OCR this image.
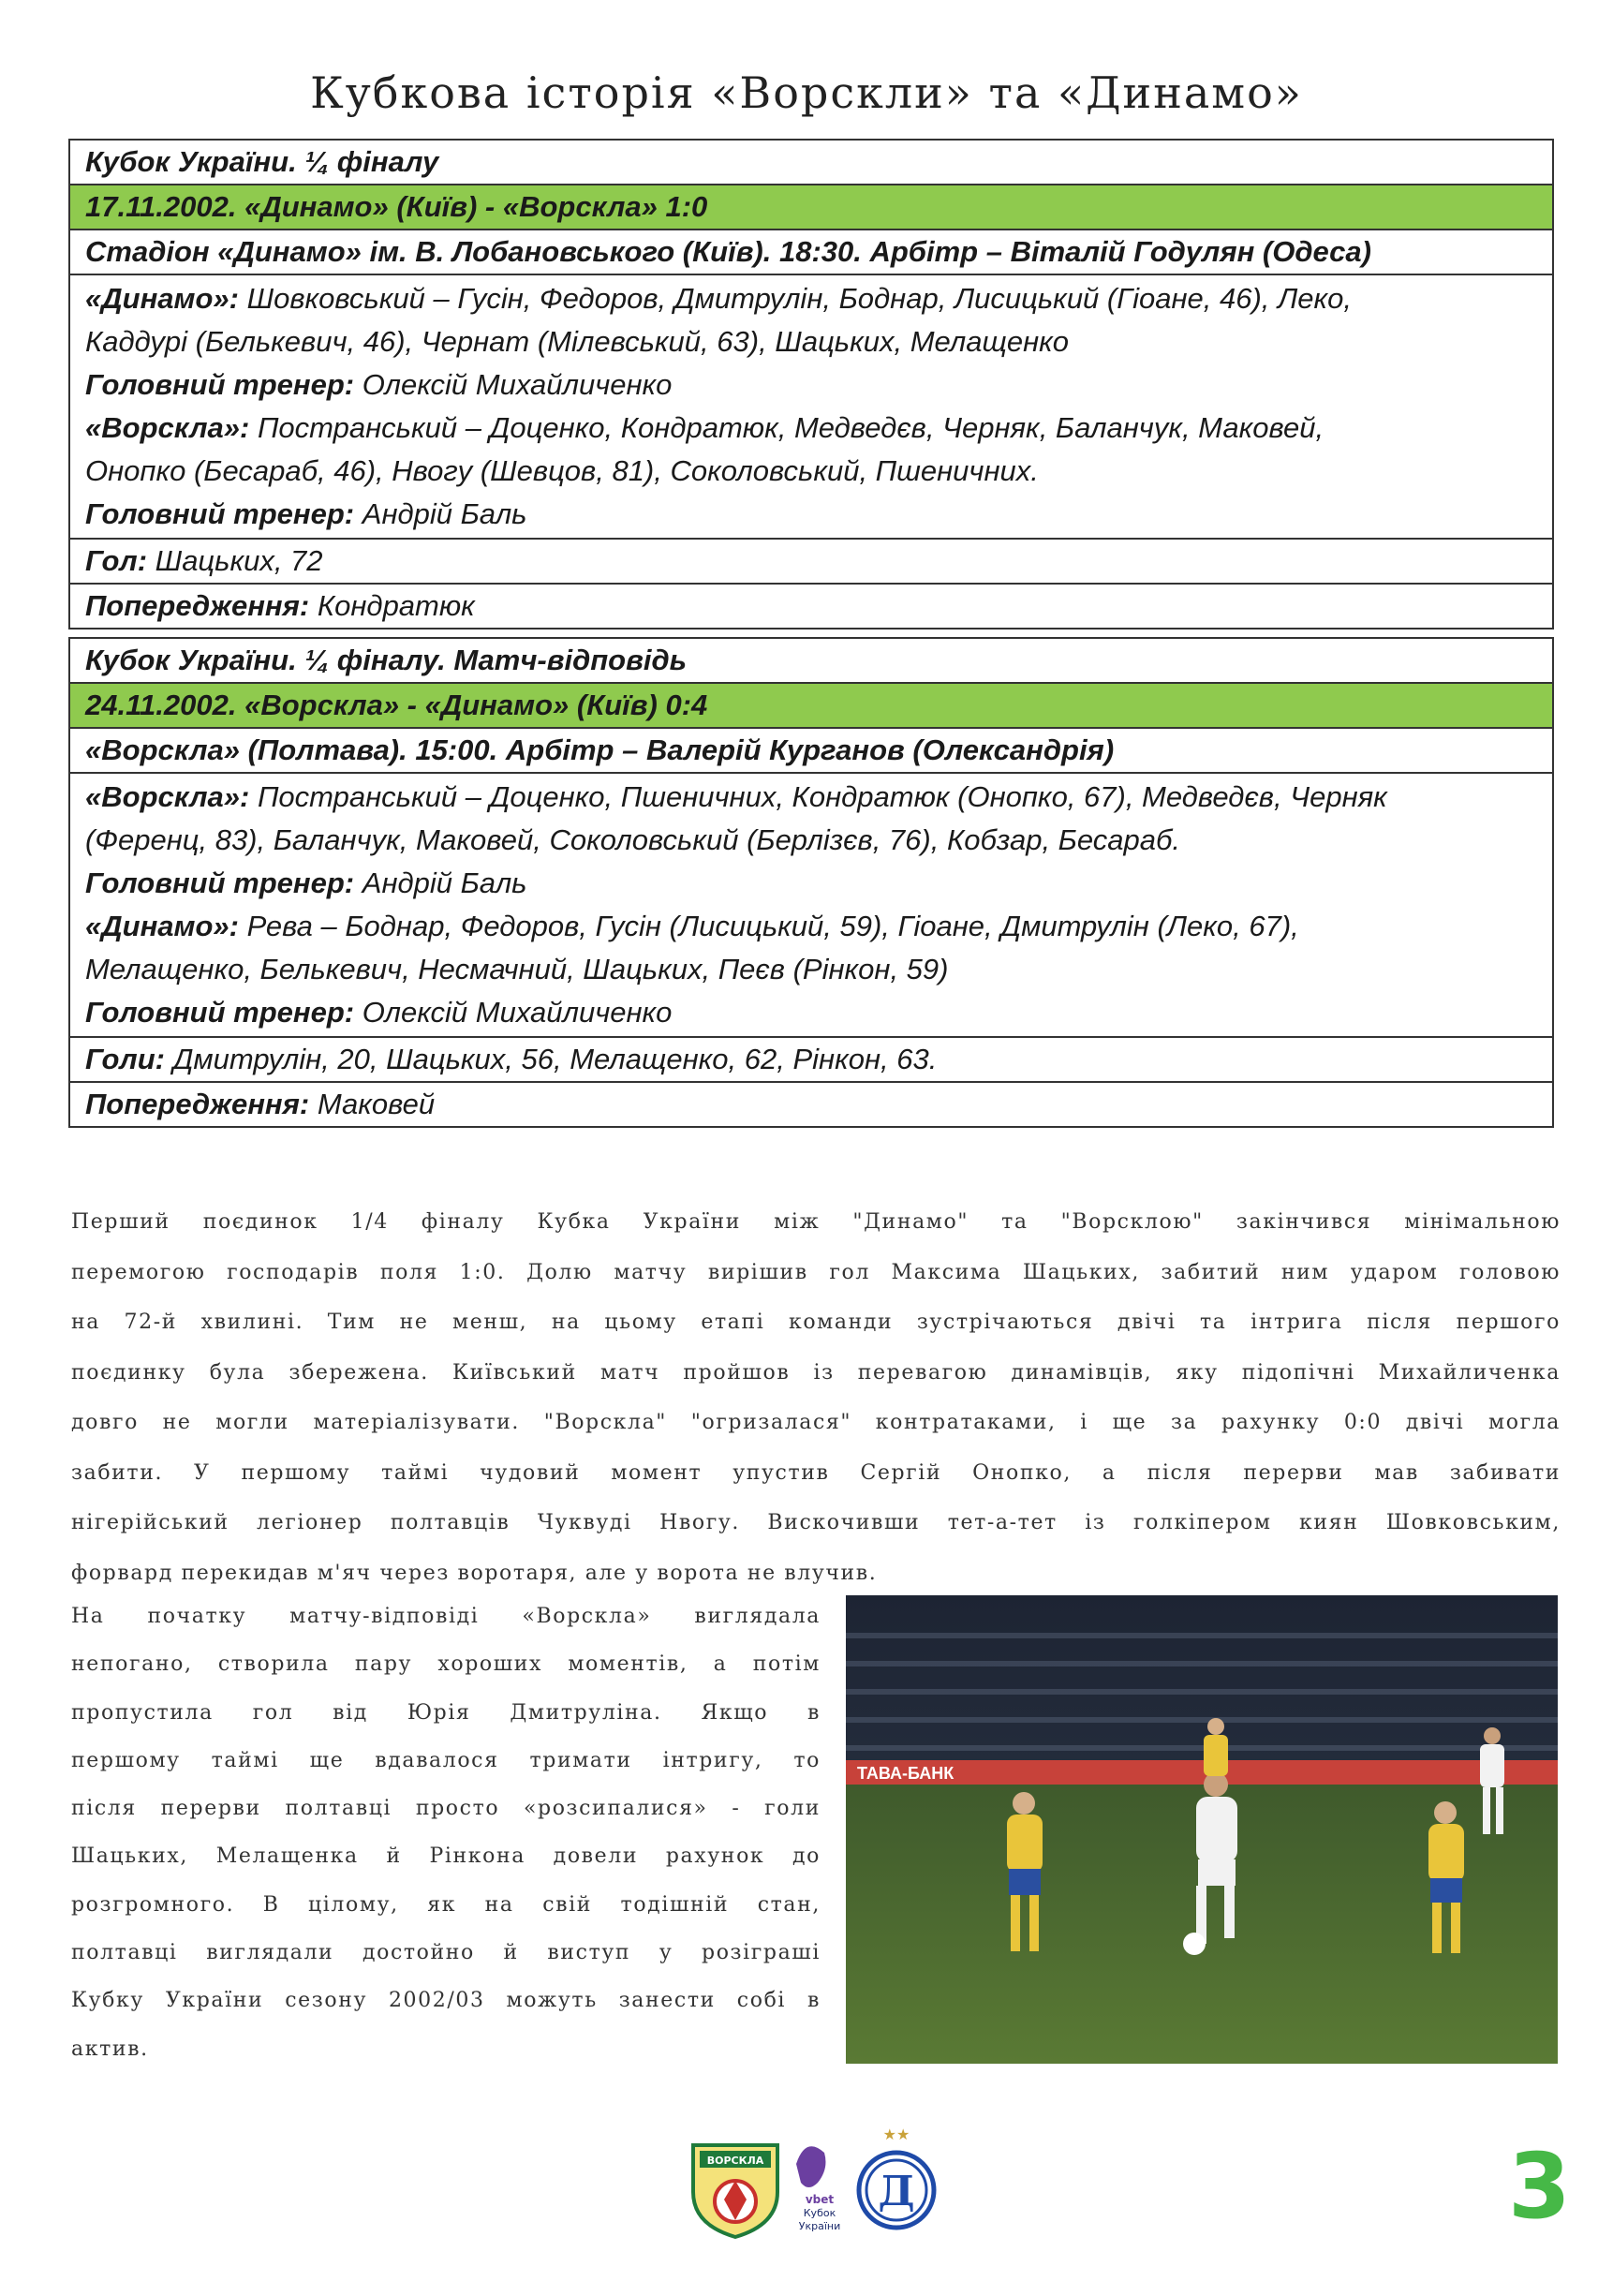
Кубкова історія «Ворскли» та «Динамо»
Кубок України. ¼ фіналу
17.11.2002. «Динамо» (Київ) - «Ворскла» 1:0
Стадіон «Динамо» ім. В. Лобановського (Київ). 18:30. Арбітр – Віталій Годулян (Одеса)

«Динамо»: Шовковський – Гусін, Федоров, Дмитрулін, Боднар, Лисицький (Гіоане, 46), Леко,

Каддурі (Белькевич, 46), Чернат (Мілевський, 63), Шацьких, Мелащенко

Головний тренер: Олексій Михайличенко

«Ворскла»: Постранський – Доценко, Кондратюк, Медведєв, Черняк, Баланчук, Маковей,

Онопко (Бесараб, 46), Нвогу (Шевцов, 81), Соколовський, Пшеничних.

Головний тренер: Андрій Баль

Гол: Шацьких, 72
Попередження: Кондратюк
Кубок України. ¼ фіналу. Матч-відповідь
24.11.2002. «Ворскла» - «Динамо» (Київ) 0:4
«Ворскла» (Полтава). 15:00. Арбітр – Валерій Курганов (Олександрія)

«Ворскла»: Постранський – Доценко, Пшеничних, Кондратюк (Онопко, 67), Медведєв, Черняк

(Ференц, 83), Баланчук, Маковей, Соколовський (Берлізєв, 76), Кобзар, Бесараб.

Головний тренер: Андрій Баль

«Динамо»: Рева – Боднар, Федоров, Гусін (Лисицький, 59), Гіоане, Дмитрулін (Леко, 67),

Мелащенко, Белькевич, Несмачний, Шацьких, Пеєв (Рінкон, 59)

Головний тренер: Олексій Михайличенко

Голи: Дмитрулін, 20, Шацьких, 56, Мелащенко, 62, Рінкон, 63.
Попередження: Маковей

Перший поєдинок 1/4 фіналу Кубка України між "Динамо" та "Ворсклою" закінчився мінімальною

перемогою господарів поля 1:0. Долю матчу вирішив гол Максима Шацьких, забитий ним ударом головою

на 72-й хвилині. Тим не менш, на цьому етапі команди зустрічаються двічі та інтрига після першого

поєдинку була збережена. Київський матч пройшов із перевагою динамівців, яку підопічні Михайличенка

довго не могли матеріалізувати. "Ворскла" "огризалася" контратаками, і ще за рахунку 0:0 двічі могла

забити. У першому таймі чудовий момент упустив Сергій Онопко, а після перерви мав забивати

нігерійський легіонер полтавців Чуквуді Нвогу. Вискочивши тет-а-тет із голкіпером киян Шовковським,

форвард перекидав м'яч через воротаря, але у ворота не влучив.

На початку матчу-відповіді «Ворскла» виглядала

непогано, створила пару хороших моментів, а потім

пропустила гол від Юрія Дмитруліна. Якщо в

першому таймі ще вдавалося тримати інтригу, то

після перерви полтавці просто «розсипалися» - голи

Шацьких, Мелащенка й Рінкона довели рахунок до

розгромного. В цілому, як на свій тодішній стан,

полтавці виглядали достойно й виступ у розіграші

Кубку України сезону 2002/03 можуть занести собі в

актив.

ТАВА-БАНК
ВОРСКЛА
vbet
Кубок
України
★★
Д	3
